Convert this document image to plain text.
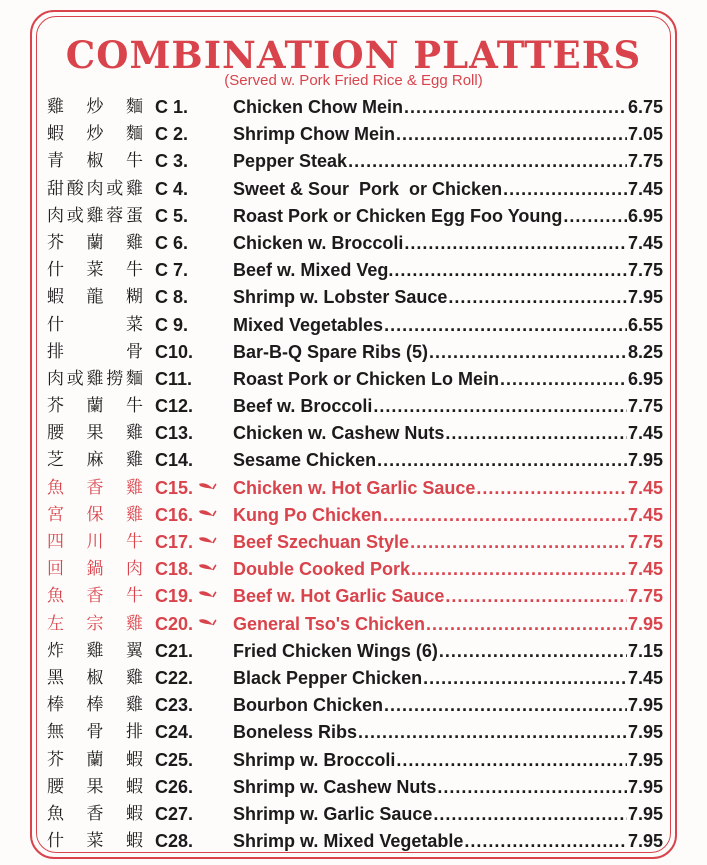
COMBINATION PLATTERS
(Served w. Pork Fried Rice & Egg Roll)
雞 炒 麵 C 1.	Chicken Chow Mein .....	6.75
蝦 炒 麵 C 2.	Shrimp Chow Mein .....	7.05
青 椒 牛 C 3.	Pepper Steak .....	7.75
甜 酸 肉 或 雞 C 4.	Sweet & Sour  Pork  or Chicken .....	7.45
肉 或 雞 蓉 蛋 C 5.	Roast Pork or Chicken Egg Foo Young .....	6.95
芥 蘭 雞 C 6.	Chicken w. Broccoli .....	7.45
什 菜 牛 C 7.	Beef w. Mixed Veg. .....	7.75
蝦 龍 糊 C 8.	Shrimp w. Lobster Sauce .....	7.95
什	菜 C 9.	Mixed Vegetables .....	6.55
排	骨 C10.	Bar-B-Q Spare Ribs (5) .....	8.25
肉 或 雞 撈 麵 C11.	Roast Pork or Chicken Lo Mein .....	6.95
芥 蘭 牛 C12.	Beef w. Broccoli .....	7.75
腰 果 雞 C13.	Chicken w. Cashew Nuts .....	7.45
芝 麻 雞 C14.	Sesame Chicken .....	7.95
魚 香 雞 C15.	Chicken w. Hot Garlic Sauce .....	7.45
宮 保 雞 C16.	Kung Po Chicken .....	7.45
四 川 牛 C17.	Beef Szechuan Style .....	7.75
回 鍋 肉 C18.	Double Cooked Pork .....	7.45
魚 香 牛 C19.	Beef w. Hot Garlic Sauce .....	7.75
左 宗 雞 C20.	General Tso's Chicken .....	7.95
炸 雞 翼 C21.	Fried Chicken Wings (6) .....	7.15
黑 椒 雞 C22.	Black Pepper Chicken .....	7.45
棒 棒 雞 C23.	Bourbon Chicken .....	7.95
無 骨 排 C24.	Boneless Ribs .....	7.95
芥 蘭 蝦 C25.	Shrimp w. Broccoli .....	7.95
腰 果 蝦 C26.	Shrimp w. Cashew Nuts .....	7.95
魚 香 蝦 C27.	Shrimp w. Garlic Sauce .....	7.95
什 菜 蝦 C28.	Shrimp w. Mixed Vegetable .....	7.95
